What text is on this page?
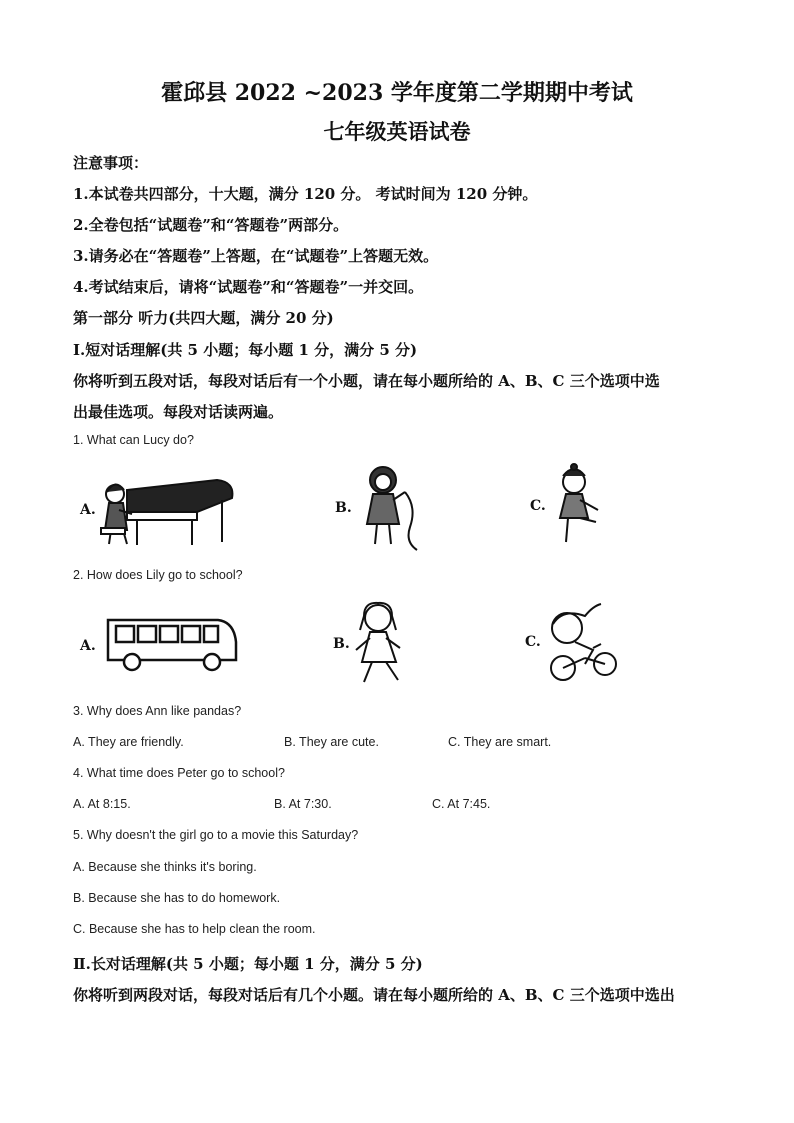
霍邱县 2022 ~2023 学年度第二学期期中考试
七年级英语试卷
注意事项：
1.本试卷共四部分，十大题，满分 120 分。 考试时间为 120 分钟。
2.全卷包括“试题卷”和“答题卷”两部分。
3.请务必在“答题卷”上答题，在“试题卷”上答题无效。
4.考试结束后，请将“试题卷”和“答题卷”一并交回。
第一部分 听力(共四大题，满分 20 分)
Ⅰ.短对话理解(共 5 小题；每小题 1 分，满分 5 分)
你将听到五段对话，每段对话后有一个小题，请在每小题所给的 A、B、C 三个选项中选
出最佳选项。每段对话读两遍。
1. What can Lucy do?
A.	B.	C.
2. How does Lily go to school?
A.	B.	C.
3. Why does Ann like pandas?
A. They are friendly.	B. They are cute.	C. They are smart.
4. What time does Peter go to school?
A. At 8:15.	B. At 7:30.	C. At 7:45.
5. Why doesn't the girl go to a movie this Saturday?
A. Because she thinks it's boring.
B. Because she has to do homework.
C. Because she has to help clean the room.
Ⅱ.长对话理解(共 5 小题；每小题 1 分，满分 5 分)
你将听到两段对话，每段对话后有几个小题。请在每小题所给的 A、B、C 三个选项中选出
